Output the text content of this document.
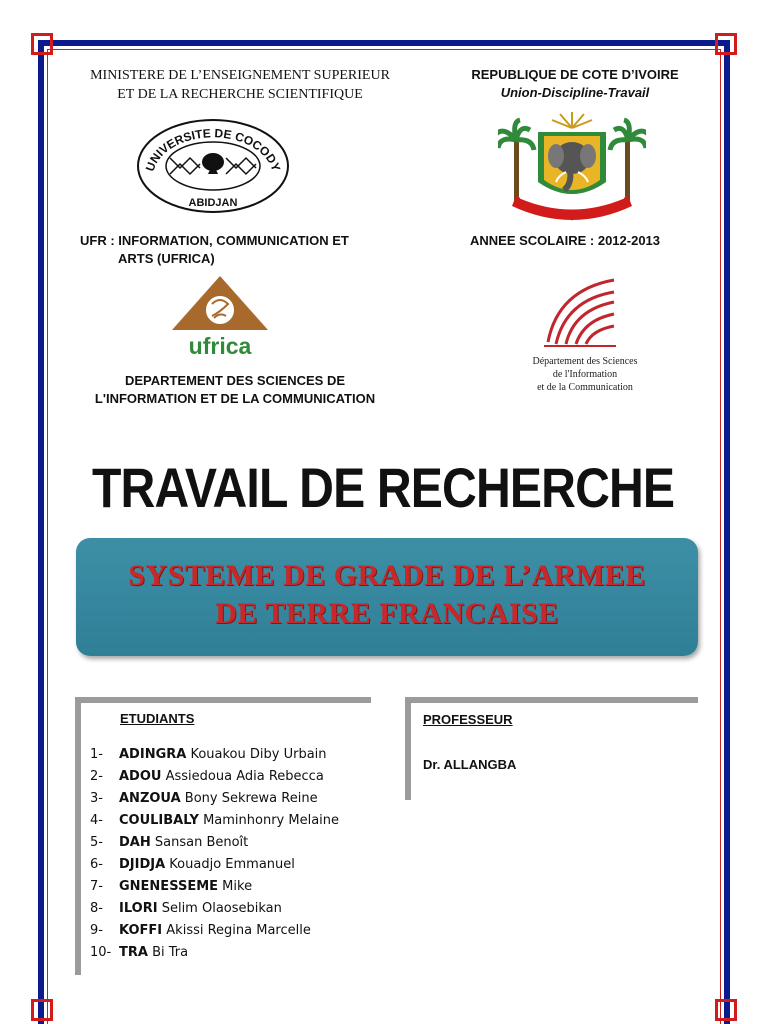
MINISTERE DE L’ENSEIGNEMENT SUPERIEUR
ET DE LA RECHERCHE SCIENTIFIQUE
REPUBLIQUE DE COTE D’IVOIRE
Union-Discipline-Travail
UNIVERSITE DE COCODY
ABIDJAN
·
UFR : INFORMATION, COMMUNICATION ET
ARTS (UFRICA)
ANNEE SCOLAIRE : 2012-2013
ufrica
Département des Sciences
de l'Information
et de la Communication
DEPARTEMENT DES SCIENCES DE
L'INFORMATION ET DE LA COMMUNICATION
TRAVAIL DE RECHERCHE
SYSTEME DE GRADE DE L’ARMEE
DE TERRE FRANCAISE
ETUDIANTS
1- ADINGRA Kouakou Diby Urbain
2- ADOU Assiedoua Adia Rebecca
3- ANZOUA Bony Sekrewa Reine
4- COULIBALY Maminhonry Melaine
5- DAH Sansan Benoît
6- DJIDJA Kouadjo Emmanuel
7- GNENESSEME Mike
8- ILORI Selim Olaosebikan
9- KOFFI Akissi Regina Marcelle
10- TRA Bi Tra
PROFESSEUR
Dr. ALLANGBA
